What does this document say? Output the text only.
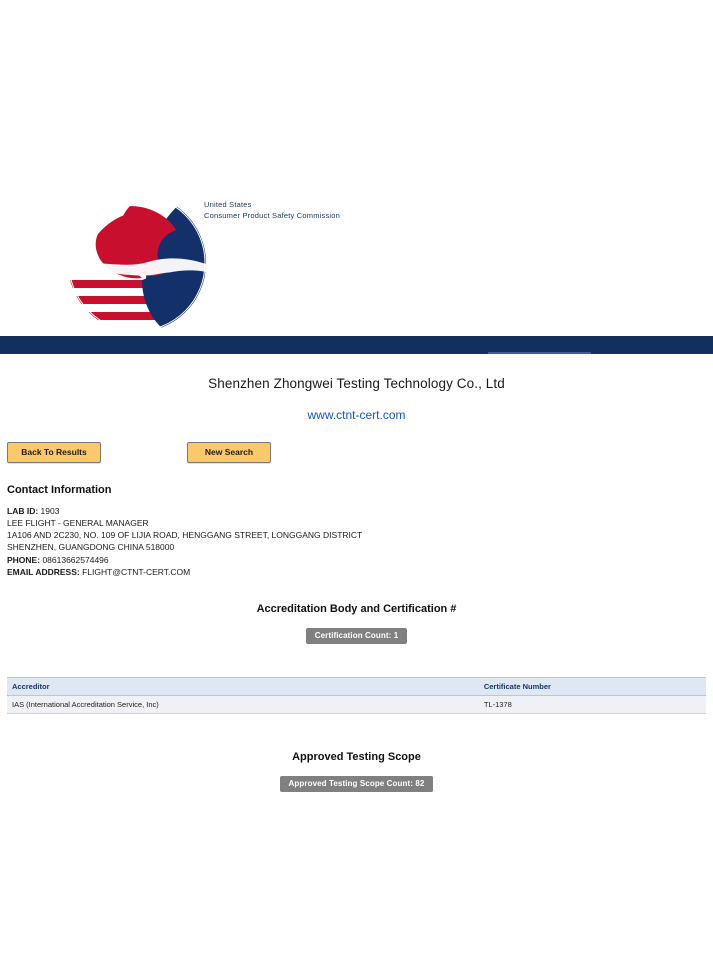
United States
Consumer Product Safety Commission
Shenzhen Zhongwei Testing Technology Co., Ltd
www.ctnt-cert.com
Back To Results	New Search
Contact Information
LAB ID: 1903
LEE FLIGHT - GENERAL MANAGER
1A106 AND 2C230, NO. 109 OF LIJIA ROAD, HENGGANG STREET, LONGGANG DISTRICT
SHENZHEN, GUANGDONG CHINA 518000
PHONE: 08613662574496
EMAIL ADDRESS: FLIGHT@CTNT-CERT.COM
Accreditation Body and Certification #
Certification Count: 1
Accreditor	Certificate Number
IAS (International Accreditation Service, Inc)	TL-1378
Approved Testing Scope
Approved Testing Scope Count: 82
